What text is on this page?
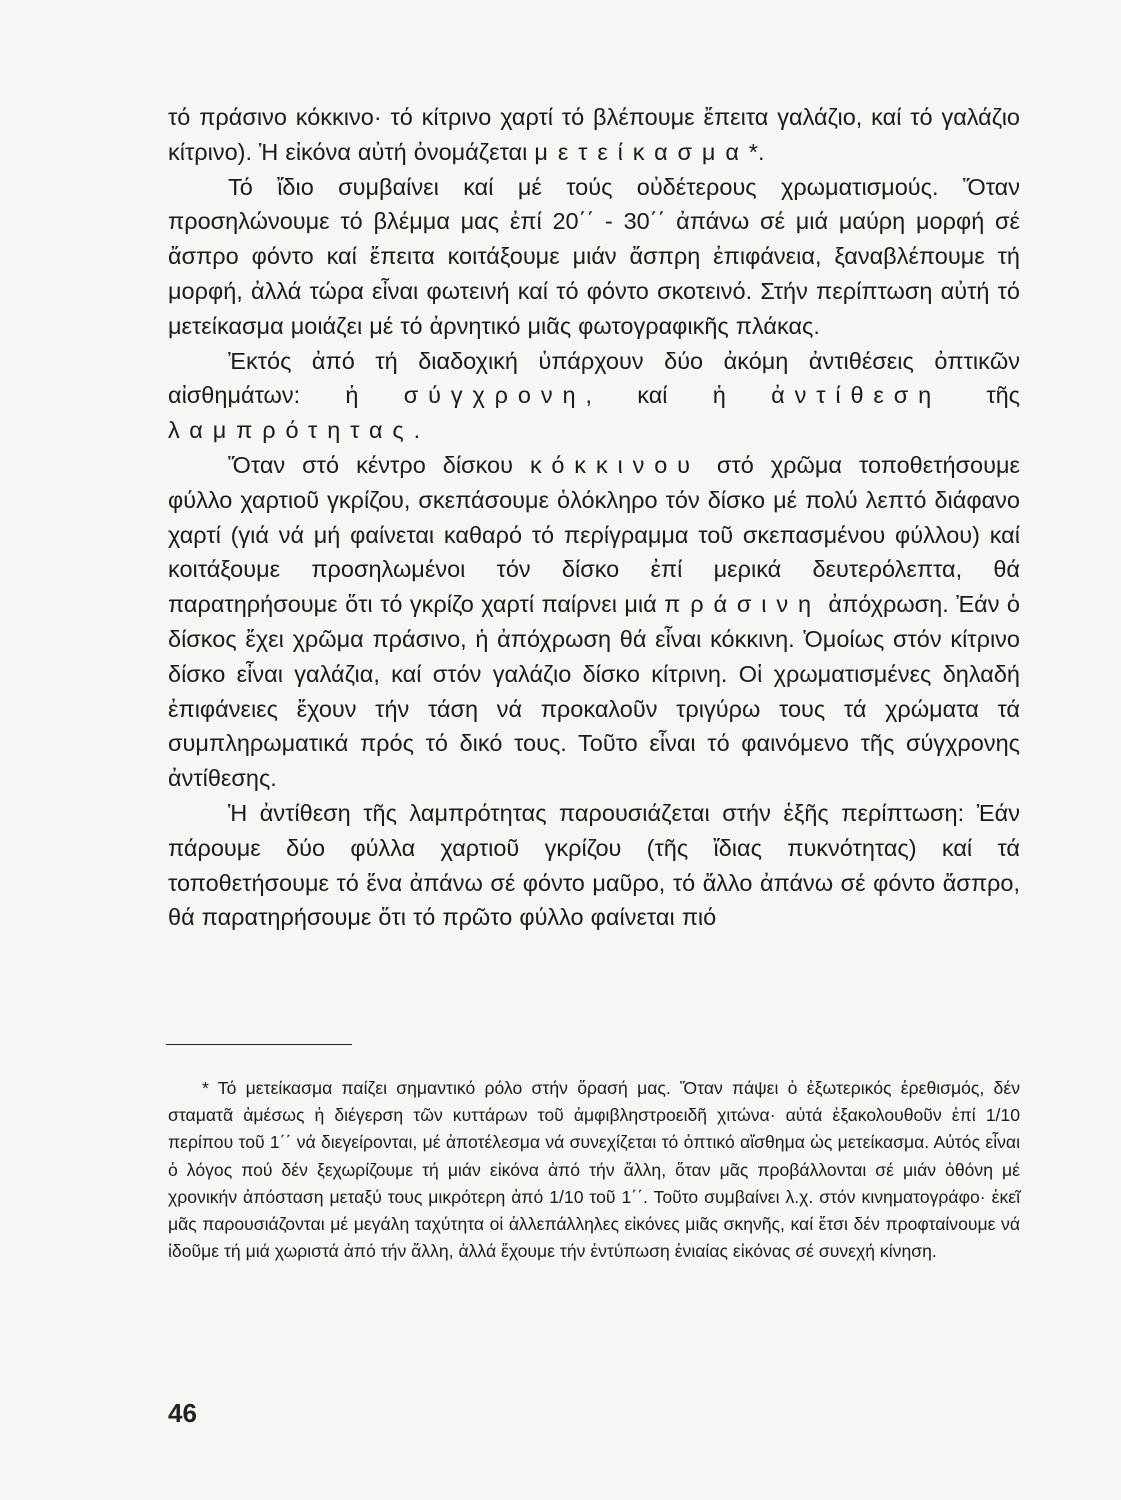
τό πράσινο κόκκινο· τό κίτρινο χαρτί τό βλέπουμε ἔπειτα γαλάζιο, καί τό γαλάζιο κίτρινο). Ἡ εἰκόνα αὐτή ὀνομάζεται μετείκασμα*.

Τό ἴδιο συμβαίνει καί μέ τούς οὐδέτερους χρωματισμούς. Ὅταν προσηλώνουμε τό βλέμμα μας ἐπί 20΄΄ - 30΄΄ ἀπάνω σέ μιά μαύρη μορφή σέ ἄσπρο φόντο καί ἔπειτα κοιτάξουμε μιάν ἄσπρη ἐπιφάνεια, ξαναβλέπουμε τή μορφή, ἀλλά τώρα εἶναι φωτεινή καί τό φόντο σκοτεινό. Στήν περίπτωση αὐτή τό μετείκασμα μοιάζει μέ τό ἀρνητικό μιᾶς φωτογραφικῆς πλάκας.

Ἐκτός ἀπό τή διαδοχική ὑπάρχουν δύο ἀκόμη ἀντιθέσεις ὀπτικῶν αἰσθημάτων: ἡ σύγχρονη, καί ἡ ἀντίθεση τῆς λαμπρότητας.

Ὅταν στό κέντρο δίσκου κόκκινου στό χρῶμα τοποθετήσουμε φύλλο χαρτιοῦ γκρίζου, σκεπάσουμε ὁλόκληρο τόν δίσκο μέ πολύ λεπτό διάφανο χαρτί (γιά νά μή φαίνεται καθαρό τό περίγραμμα τοῦ σκεπασμένου φύλλου) καί κοιτάξουμε προσηλωμένοι τόν δίσκο ἐπί μερικά δευτερόλεπτα, θά παρατηρήσουμε ὅτι τό γκρίζο χαρτί παίρνει μιά πράσινη ἀπόχρωση. Ἐάν ὁ δίσκος ἔχει χρῶμα πράσινο, ἡ ἀπόχρωση θά εἶναι κόκκινη. Ὁμοίως στόν κίτρινο δίσκο εἶναι γαλάζια, καί στόν γαλάζιο δίσκο κίτρινη. Οἱ χρωματισμένες δηλαδή ἐπιφάνειες ἔχουν τήν τάση νά προκαλοῦν τριγύρω τους τά χρώματα τά συμπληρωματικά πρός τό δικό τους. Τοῦτο εἶναι τό φαινόμενο τῆς σύγχρονης ἀντίθεσης.

Ἡ ἀντίθεση τῆς λαμπρότητας παρουσιάζεται στήν ἑξῆς περίπτωση: Ἐάν πάρουμε δύο φύλλα χαρτιοῦ γκρίζου (τῆς ἴδιας πυκνότητας) καί τά τοποθετήσουμε τό ἕνα ἀπάνω σέ φόντο μαῦρο, τό ἄλλο ἀπάνω σέ φόντο ἄσπρο, θά παρατηρήσουμε ὅτι τό πρῶτο φύλλο φαίνεται πιό

* Τό μετείκασμα παίζει σημαντικό ρόλο στήν ὅρασή μας. Ὅταν πάψει ὁ ἐξωτερικός ἐρεθισμός, δέν σταματᾶ ἀμέσως ἡ διέγερση τῶν κυττάρων τοῦ ἀμφιβληστροειδῆ χιτώνα· αὐτά ἐξακολουθοῦν ἐπί 1/10 περίπου τοῦ 1΄΄ νά διεγείρονται, μέ ἀποτέλεσμα νά συνεχίζεται τό ὀπτικό αἴσθημα ὡς μετείκασμα. Αὐτός εἶναι ὁ λόγος πού δέν ξεχωρίζουμε τή μιάν εἰκόνα ἀπό τήν ἄλλη, ὅταν μᾶς προβάλλονται σέ μιάν ὀθόνη μέ χρονικήν ἀπόσταση μεταξύ τους μικρότερη ἀπό 1/10 τοῦ 1΄΄. Τοῦτο συμβαίνει λ.χ. στόν κινηματογράφο· ἐκεῖ μᾶς παρουσιάζονται μέ μεγάλη ταχύτητα οἱ ἀλλεπάλληλες εἰκόνες μιᾶς σκηνῆς, καί ἔτσι δέν προφταίνουμε νά ἰδοῦμε τή μιά χωριστά ἀπό τήν ἄλλη, ἀλλά ἔχουμε τήν ἐντύπωση ἑνιαίας εἰκόνας σέ συνεχή κίνηση.

46
